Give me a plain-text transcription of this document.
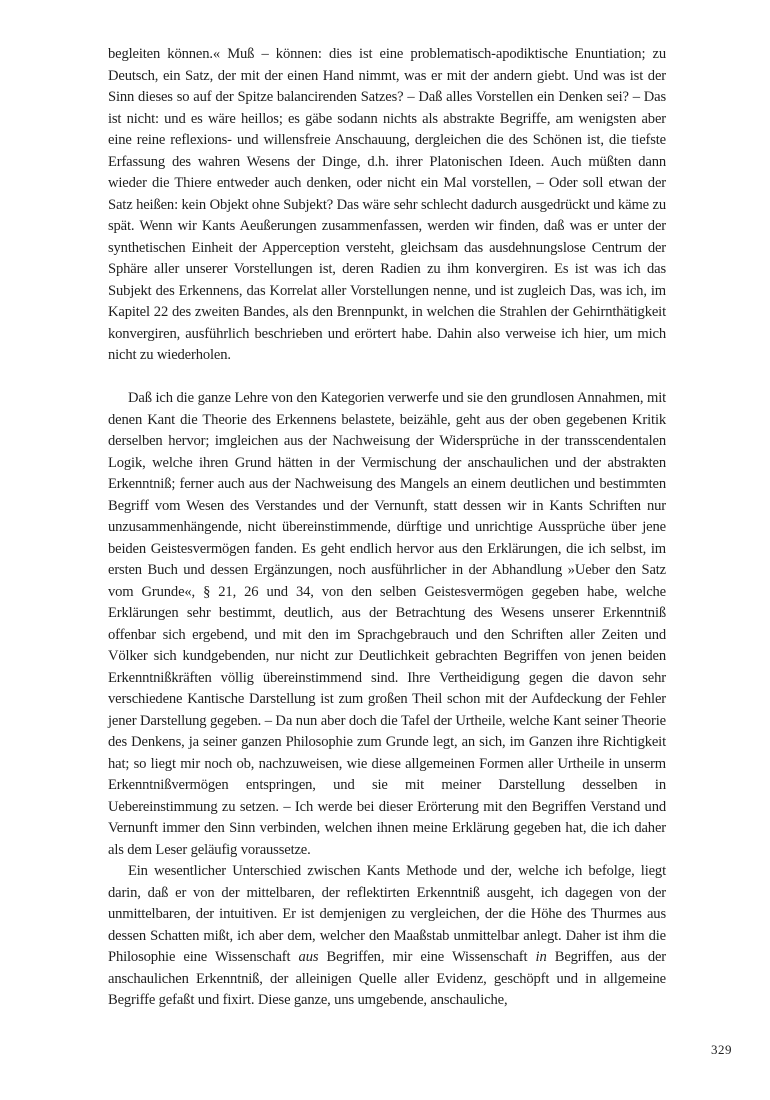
begleiten können.« Muß – können: dies ist eine problematisch-apodiktische Enuntiation; zu Deutsch, ein Satz, der mit der einen Hand nimmt, was er mit der andern giebt. Und was ist der Sinn dieses so auf der Spitze balancirenden Satzes? – Daß alles Vorstellen ein Denken sei? – Das ist nicht: und es wäre heillos; es gäbe sodann nichts als abstrakte Begriffe, am wenigsten aber eine reine reflexions- und willensfreie Anschauung, dergleichen die des Schönen ist, die tiefste Erfassung des wahren Wesens der Dinge, d.h. ihrer Platonischen Ideen. Auch müßten dann wieder die Thiere entweder auch denken, oder nicht ein Mal vorstellen, – Oder soll etwan der Satz heißen: kein Objekt ohne Subjekt? Das wäre sehr schlecht dadurch ausgedrückt und käme zu spät. Wenn wir Kants Aeußerungen zusammenfassen, werden wir finden, daß was er unter der synthetischen Einheit der Apperception versteht, gleichsam das ausdehnungslose Centrum der Sphäre aller unserer Vorstellungen ist, deren Radien zu ihm konvergiren. Es ist was ich das Subjekt des Erkennens, das Korrelat aller Vorstellungen nenne, und ist zugleich Das, was ich, im Kapitel 22 des zweiten Bandes, als den Brennpunkt, in welchen die Strahlen der Gehirnthätigkeit konvergiren, ausführlich beschrieben und erörtert habe. Dahin also verweise ich hier, um mich nicht zu wiederholen.

Daß ich die ganze Lehre von den Kategorien verwerfe und sie den grundlosen Annahmen, mit denen Kant die Theorie des Erkennens belastete, beizähle, geht aus der oben gegebenen Kritik derselben hervor; imgleichen aus der Nachweisung der Widersprüche in der transscendentalen Logik, welche ihren Grund hätten in der Vermischung der anschaulichen und der abstrakten Erkenntniß; ferner auch aus der Nachweisung des Mangels an einem deutlichen und bestimmten Begriff vom Wesen des Verstandes und der Vernunft, statt dessen wir in Kants Schriften nur unzusammenhängende, nicht übereinstimmende, dürftige und unrichtige Aussprüche über jene beiden Geistesvermögen fanden. Es geht endlich hervor aus den Erklärungen, die ich selbst, im ersten Buch und dessen Ergänzungen, noch ausführlicher in der Abhandlung »Ueber den Satz vom Grunde«, § 21, 26 und 34, von den selben Geistesvermögen gegeben habe, welche Erklärungen sehr bestimmt, deutlich, aus der Betrachtung des Wesens unserer Erkenntniß offenbar sich ergebend, und mit den im Sprachgebrauch und den Schriften aller Zeiten und Völker sich kundgebenden, nur nicht zur Deutlichkeit gebrachten Begriffen von jenen beiden Erkenntnißkräften völlig übereinstimmend sind. Ihre Vertheidigung gegen die davon sehr verschiedene Kantische Darstellung ist zum großen Theil schon mit der Aufdeckung der Fehler jener Darstellung gegeben. – Da nun aber doch die Tafel der Urtheile, welche Kant seiner Theorie des Denkens, ja seiner ganzen Philosophie zum Grunde legt, an sich, im Ganzen ihre Richtigkeit hat; so liegt mir noch ob, nachzuweisen, wie diese allgemeinen Formen aller Urtheile in unserm Erkenntnißvermögen entspringen, und sie mit meiner Darstellung desselben in Uebereinstimmung zu setzen. – Ich werde bei dieser Erörterung mit den Begriffen Verstand und Vernunft immer den Sinn verbinden, welchen ihnen meine Erklärung gegeben hat, die ich daher als dem Leser geläufig voraussetze.

Ein wesentlicher Unterschied zwischen Kants Methode und der, welche ich befolge, liegt darin, daß er von der mittelbaren, der reflektirten Erkenntniß ausgeht, ich dagegen von der unmittelbaren, der intuitiven. Er ist demjenigen zu vergleichen, der die Höhe des Thurmes aus dessen Schatten mißt, ich aber dem, welcher den Maaßstab unmittelbar anlegt. Daher ist ihm die Philosophie eine Wissenschaft aus Begriffen, mir eine Wissenschaft in Begriffen, aus der anschaulichen Erkenntniß, der alleinigen Quelle aller Evidenz, geschöpft und in allgemeine Begriffe gefaßt und fixirt. Diese ganze, uns umgebende, anschauliche,

329
